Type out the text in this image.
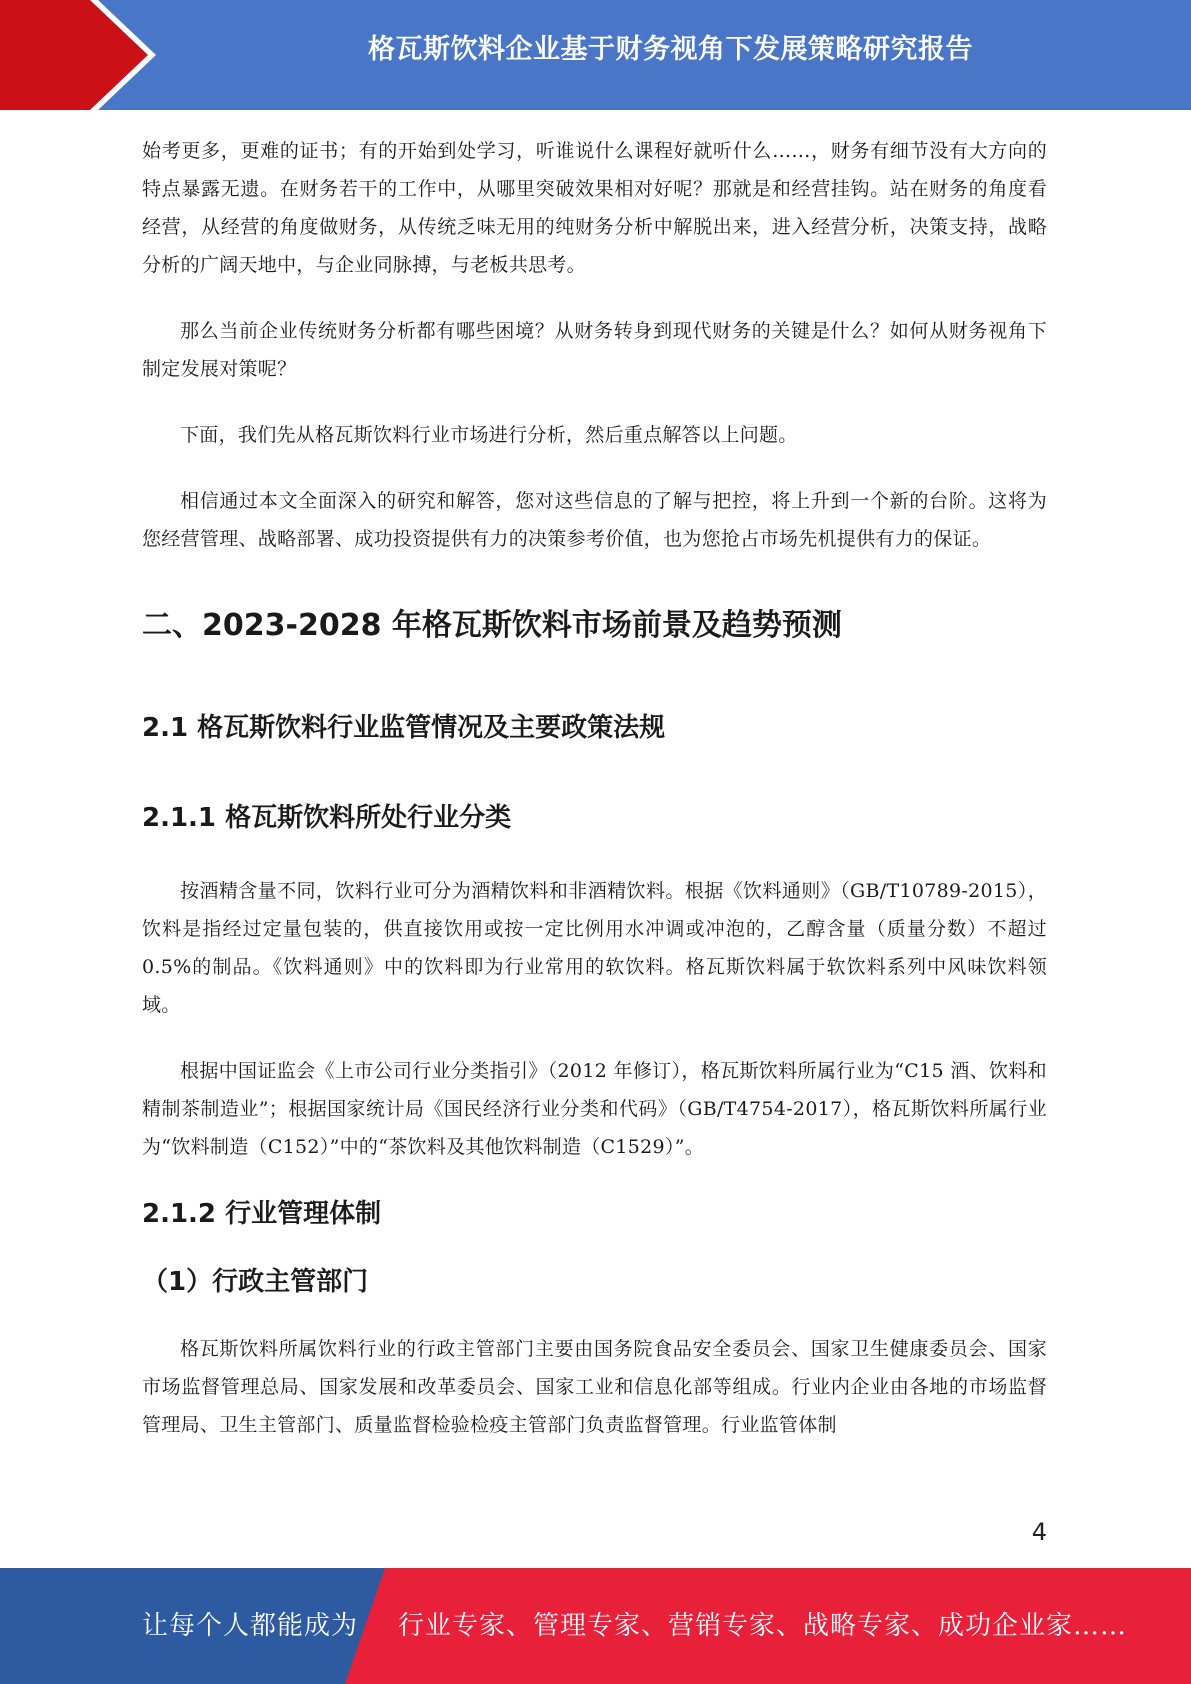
格瓦斯饮料企业基于财务视角下发展策略研究报告

始考更多，更难的证书；有的开始到处学习，听谁说什么课程好就听什么……，财务有细节没有大方向的特点暴露无遗。在财务若干的工作中，从哪里突破效果相对好呢？那就是和经营挂钩。站在财务的角度看经营，从经营的角度做财务，从传统乏味无用的纯财务分析中解脱出来，进入经营分析，决策支持，战略分析的广阔天地中，与企业同脉搏，与老板共思考。

那么当前企业传统财务分析都有哪些困境？从财务转身到现代财务的关键是什么？如何从财务视角下制定发展对策呢？

下面，我们先从格瓦斯饮料行业市场进行分析，然后重点解答以上问题。

相信通过本文全面深入的研究和解答，您对这些信息的了解与把控，将上升到一个新的台阶。这将为您经营管理、战略部署、成功投资提供有力的决策参考价值，也为您抢占市场先机提供有力的保证。

二、2023-2028 年格瓦斯饮料市场前景及趋势预测
2.1 格瓦斯饮料行业监管情况及主要政策法规
2.1.1 格瓦斯饮料所处行业分类

按酒精含量不同，饮料行业可分为酒精饮料和非酒精饮料。根据《饮料通则》（GB/T10789-2015），饮料是指经过定量包装的，供直接饮用或按一定比例用水冲调或冲泡的，乙醇含量（质量分数）不超过 0.5%的制品。《饮料通则》中的饮料即为行业常用的软饮料。格瓦斯饮料属于软饮料系列中风味饮料领域。

根据中国证监会《上市公司行业分类指引》（2012 年修订），格瓦斯饮料所属行业为“C15 酒、饮料和精制茶制造业”；根据国家统计局《国民经济行业分类和代码》（GB/T4754-2017），格瓦斯饮料所属行业为“饮料制造（C152）”中的“茶饮料及其他饮料制造（C1529）”。

2.1.2 行业管理体制
（1）行政主管部门

格瓦斯饮料所属饮料行业的行政主管部门主要由国务院食品安全委员会、国家卫生健康委员会、国家市场监督管理总局、国家发展和改革委员会、国家工业和信息化部等组成。行业内企业由各地的市场监督管理局、卫生主管部门、质量监督检验检疫主管部门负责监督管理。行业监管体制

4
让每个人都能成为 行业专家、管理专家、营销专家、战略专家、成功企业家……
